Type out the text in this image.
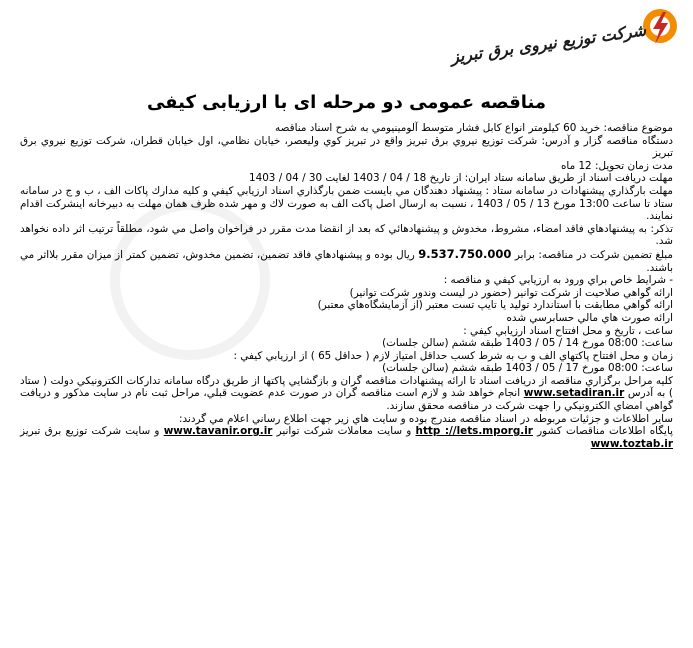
شرکت توزیع نیروی برق تبریز
مناقصه عمومی دو مرحله ای با ارزیابی کیفی

موضوع مناقصه: خريد 60 كيلومتر انواع كابل فشار متوسط آلومينيومي به شرح اسناد مناقصه

دستگاه مناقصه گزار و آدرس: شرکت توزيع نيروي برق تبريز واقع در تبريز کوي وليعصر، خيابان نظامي، اول خيابان قطران، شركت توزيع نيروي برق تبريز

مدت زمان تحويل: 12 ماه

مهلت دريافت اسناد از طريق سامانه ستاد ايران: از تاريخ 18 / 04 / 1403 لغايت 30 / 04 / 1403

مهلت بارگذاري پيشنهادات در سامانه ستاد : پيشنهاد دهندگان مي بايست ضمن بارگذاري اسناد ارزيابي کيفي و کليه مدارك پاكات الف ، ب و ج در سامانه ستاد تا ساعت 13:00 مورخ 13 / 05 / 1403 ، نسبت به ارسال اصل پاكت الف به صورت لاك و مهر شده ظرف همان مهلت به دبيرخانه اينشركت اقدام نمايند.

تذكر: به پيشنهادهاي فاقد امضاء، مشروط، مخدوش و پيشنهادهائي كه بعد از انقضا مدت مقرر در فراخوان واصل مي شود، مطلقاً ترتيب اثر داده نخواهد شد.

مبلغ تضمين شركت در مناقصه: برابر 9.537.750.000 ريال بوده و پيشنهادهاي فاقد تضمين، تضمين مخدوش، تضمين كمتر از ميزان مقرر بلااثر مي باشند.

- شرايط خاص براي ورود به ارزيابي كيفي و مناقصه :

ارائه گواهي صلاحيت از شركت توانير (حضور در ليست وندور شركت توانير)

ارائه گواهي مطابقت با استاندارد توليد يا تايپ تست معتبر (از آزمايشگاه‌هاي معتبر)

ارائه صورت هاي مالي حسابرسي شده

ساعت ، تاريخ و محل افتتاح اسناد ارزيابي كيفي :

ساعت: 08:00 مورخ 14 / 05 / 1403 طبقه ششم (سالن جلسات)

زمان و محل افتتاح پاکتهاي الف و ب به شرط كسب حداقل امتياز لازم ( حداقل 65 ) از ارزيابي كيفي :

ساعت: 08:00 مورخ 17 / 05 / 1403 طبقه ششم (سالن جلسات)

كليه مراحل برگزاري مناقصه از دريافت اسناد تا ارائه پيشنهادات مناقصه گران و بازگشايي پاكتها از طريق درگاه سامانه تداركات الكترونيكي دولت ( ستاد ) به آدرس www.setadiran.ir انجام خواهد شد و لازم است مناقصه گران در صورت عدم عضويت قبلي، مراحل ثبت نام در سايت مذكور و دريافت گواهي امضاي الكترونيكي را جهت شركت در مناقصه محقق سازند.

ساير اطلاعات و جزئيات مربوطه در اسناد مناقصه مندرج بوده و سايت هاي زير جهت اطلاع رساني اعلام مي گردند:

پايگاه اطلاعات مناقصات كشور http ://lets.mporg.ir و سايت معاملات شركت توانير www.tavanir.org.ir و سايت شركت توزيع برق تبريز www.toztab.ir
